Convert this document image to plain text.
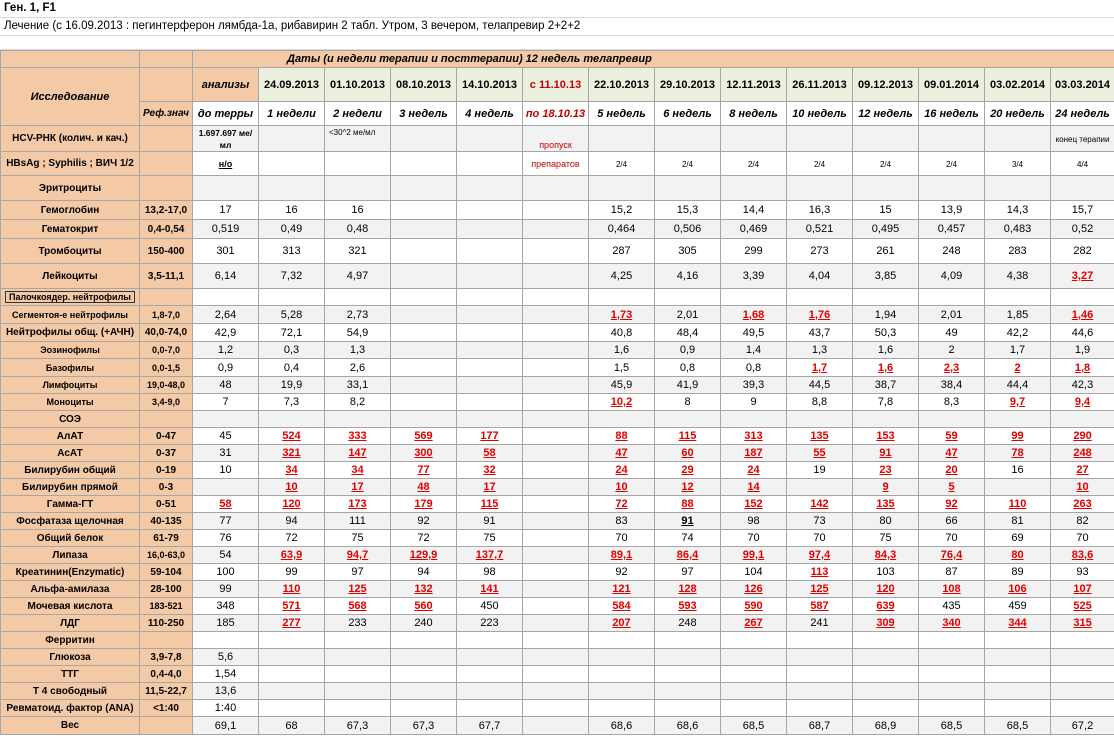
Ген. 1, F1
Лечение (с 16.09.2013 : пегинтерферон лямбда-1а, рибавирин 2 табл. Утром, 3 вечером, телапревир 2+2+2
		Даты (и недели терапии и посттерапии) 12 недель телапревир													
Исследование		анализы	24.09.2013	01.10.2013	08.10.2013	14.10.2013	с 11.10.13	22.10.2013	29.10.2013	12.11.2013	26.11.2013	09.12.2013	09.01.2014	03.02.2014	03.03.2014
	Реф.знач	до терры	1 недели	2 недели	3 недель	4 недель	по 18.10.13	5 недель	6 недель	8 недель	10 недель	12 недель	16 недель	20 недель	24 недель
HCV-РНК (колич. и кач.)		1.697.697 ме/мл		<30^2 ме/мл			пропуск								конец терапии
HBsAg ; Syphilis ; ВИЧ 1/2		н/о					препаратов	2/4	2/4	2/4	2/4	2/4	2/4	3/4	4/4
Эритроциты															
Гемоглобин	13,2-17,0	17	16	16				15,2	15,3	14,4	16,3	15	13,9	14,3	15,7
Гематокрит	0,4-0,54	0,519	0,49	0,48				0,464	0,506	0,469	0,521	0,495	0,457	0,483	0,52
Тромбоциты	150-400	301	313	321				287	305	299	273	261	248	283	282
Лейкоциты	3,5-11,1	6,14	7,32	4,97				4,25	4,16	3,39	4,04	3,85	4,09	4,38	3,27
Палочкоядер. нейтрофилы															
Сегментоя-е нейтрофилы	1,8-7,0	2,64	5,28	2,73				1,73	2,01	1,68	1,76	1,94	2,01	1,85	1,46
Нейтрофилы общ. (+АЧН)	40,0-74,0	42,9	72,1	54,9				40,8	48,4	49,5	43,7	50,3	49	42,2	44,6
Эозинофилы	0,0-7,0	1,2	0,3	1,3				1,6	0,9	1,4	1,3	1,6	2	1,7	1,9
Базофилы	0,0-1,5	0,9	0,4	2,6				1,5	0,8	0,8	1,7	1,6	2,3	2	1,8
Лимфоциты	19,0-48,0	48	19,9	33,1				45,9	41,9	39,3	44,5	38,7	38,4	44,4	42,3
Моноциты	3,4-9,0	7	7,3	8,2				10,2	8	9	8,8	7,8	8,3	9,7	9,4
СОЭ															
АлАТ	0-47	45	524	333	569	177		88	115	313	135	153	59	99	290
АсАТ	0-37	31	321	147	300	58		47	60	187	55	91	47	78	248
Билирубин общий	0-19	10	34	34	77	32		24	29	24	19	23	20	16	27
Билирубин прямой	0-3		10	17	48	17		10	12	14		9	5		10
Гамма-ГТ	0-51	58	120	173	179	115		72	88	152	142	135	92	110	263
Фосфатаза щелочная	40-135	77	94	111	92	91		83	91	98	73	80	66	81	82
Общий белок	61-79	76	72	75	72	75		70	74	70	70	75	70	69	70
Липаза	16,0-63,0	54	63,9	94,7	129,9	137,7		89,1	86,4	99,1	97,4	84,3	76,4	80	83,6
Креатинин(Enzymatic)	59-104	100	99	97	94	98		92	97	104	113	103	87	89	93
Альфа-амилаза	28-100	99	110	125	132	141		121	128	126	125	120	108	106	107
Мочевая кислота	183-521	348	571	568	560	450		584	593	590	587	639	435	459	525
ЛДГ	110-250	185	277	233	240	223		207	248	267	241	309	340	344	315
Ферритин															
Глюкоза	3,9-7,8	5,6													
ТТГ	0,4-4,0	1,54													
Т 4 свободный	11,5-22,7	13,6													
Ревматоид. фактор (ANA)	<1:40	1:40													
Вес		69,1	68	67,3	67,3	67,7		68,6	68,6	68,5	68,7	68,9	68,5	68,5	67,2
